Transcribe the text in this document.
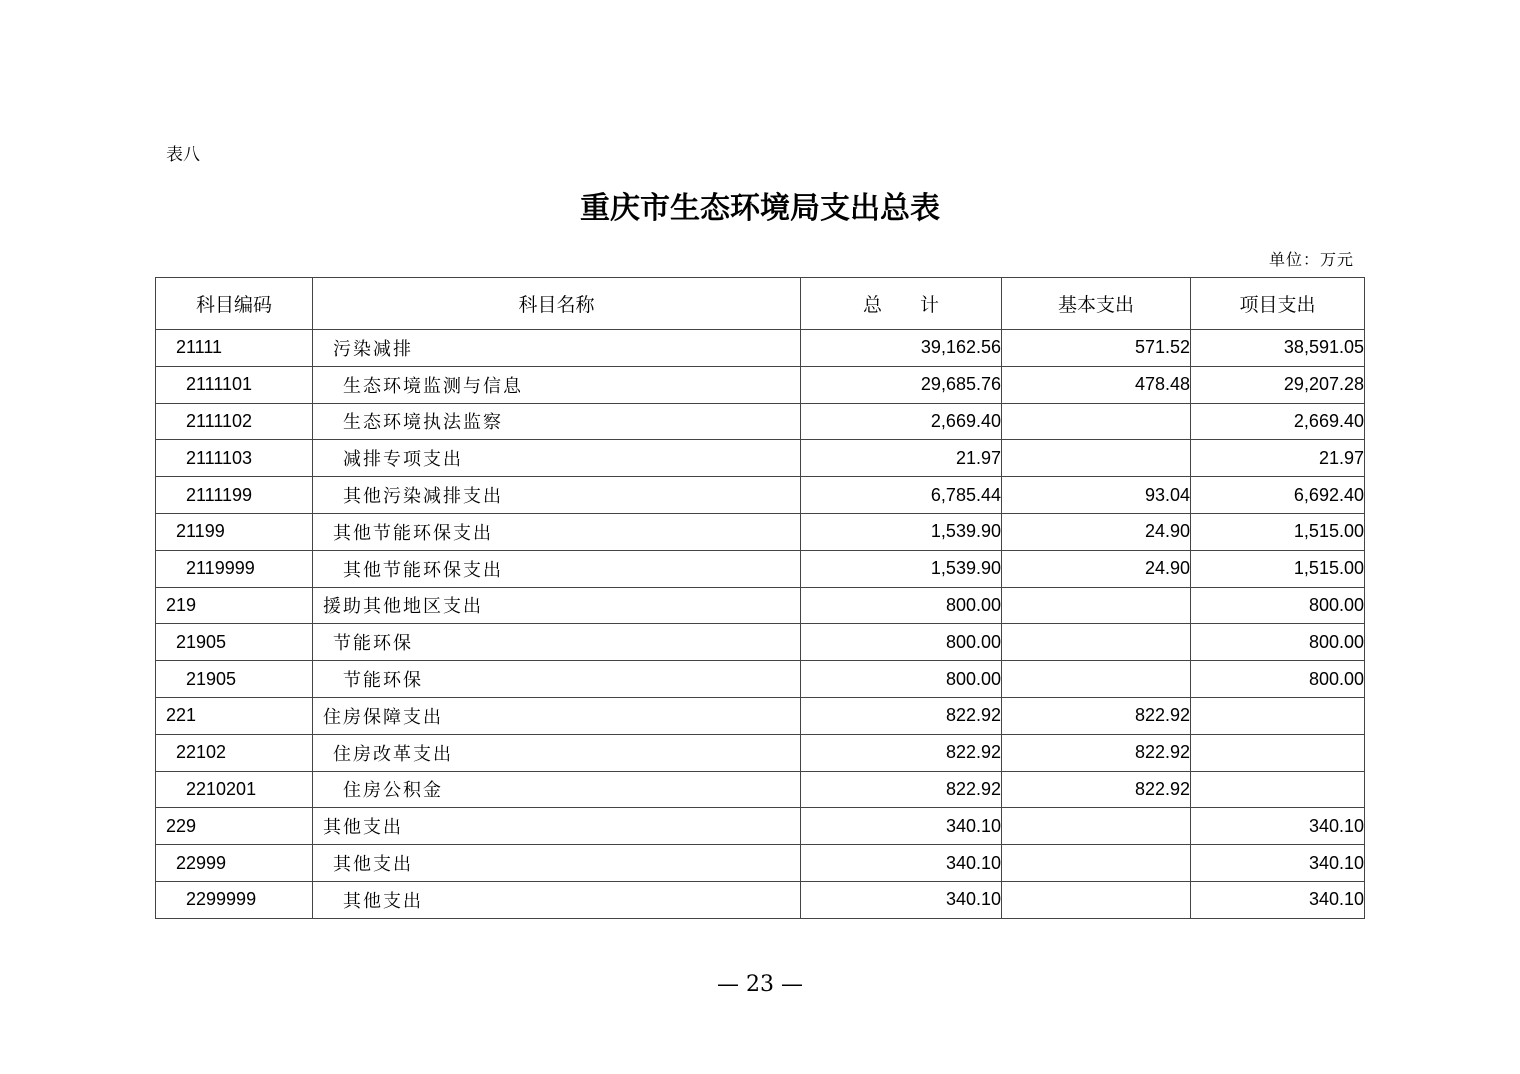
表八
重庆市生态环境局支出总表
单位：万元
科目编码	科目名称	总　　计	基本支出	项目支出
21111	污染减排	39,162.56	571.52	38,591.05
2111101	生态环境监测与信息	29,685.76	478.48	29,207.28
2111102	生态环境执法监察	2,669.40		2,669.40
2111103	减排专项支出	21.97		21.97
2111199	其他污染减排支出	6,785.44	93.04	6,692.40
21199	其他节能环保支出	1,539.90	24.90	1,515.00
2119999	其他节能环保支出	1,539.90	24.90	1,515.00
219	援助其他地区支出	800.00		800.00
21905	节能环保	800.00		800.00
21905	节能环保	800.00		800.00
221	住房保障支出	822.92	822.92	
22102	住房改革支出	822.92	822.92	
2210201	住房公积金	822.92	822.92	
229	其他支出	340.10		340.10
22999	其他支出	340.10		340.10
2299999	其他支出	340.10		340.10
— 23 —
